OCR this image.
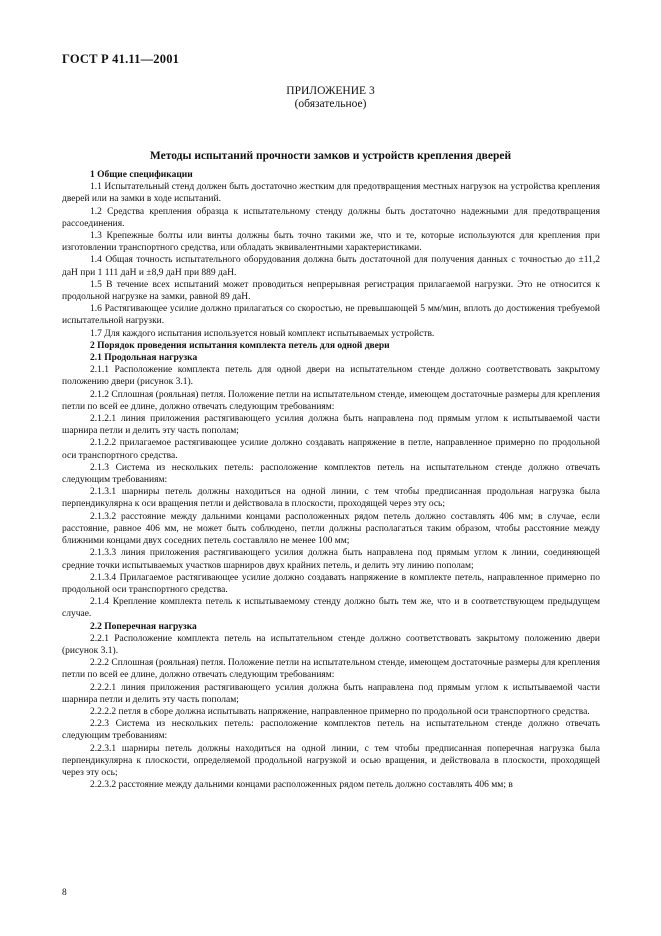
ГОСТ Р 41.11—2001
ПРИЛОЖЕНИЕ 3
(обязательное)
Методы испытаний прочности замков и устройств крепления дверей

1 Общие спецификации

1.1 Испытательный стенд должен быть достаточно жестким для предотвращения местных нагрузок на устройства крепления дверей или на замки в ходе испытаний.

1.2 Средства крепления образца к испытательному стенду должны быть достаточно надежными для предотвращения рассоединения.

1.3 Крепежные болты или винты должны быть точно такими же, что и те, которые используются для крепления при изготовлении транспортного средства, или обладать эквивалентными характеристиками.

1.4 Общая точность испытательного оборудования должна быть достаточной для получения данных с точностью до ±11,2 даН при 1 111 даН и ±8,9 даН при 889 даН.

1.5 В течение всех испытаний может проводиться непрерывная регистрация прилагаемой нагрузки. Это не относится к продольной нагрузке на замки, равной 89 даН.

1.6 Растягивающее усилие должно прилагаться со скоростью, не превышающей 5 мм/мин, вплоть до достижения требуемой испытательной нагрузки.

1.7 Для каждого испытания используется новый комплект испытываемых устройств.

2 Порядок проведения испытания комплекта петель для одной двери

2.1 Продольная нагрузка

2.1.1 Расположение комплекта петель для одной двери на испытательном стенде должно соответствовать закрытому положению двери (рисунок 3.1).

2.1.2 Сплошная (рояльная) петля. Положение петли на испытательном стенде, имеющем достаточные размеры для крепления петли по всей ее длине, должно отвечать следующим требованиям:

2.1.2.1 линия приложения растягивающего усилия должна быть направлена под прямым углом к испытываемой части шарнира петли и делить эту часть пополам;

2.1.2.2 прилагаемое растягивающее усилие должно создавать напряжение в петле, направленное примерно по продольной оси транспортного средства.

2.1.3 Система из нескольких петель: расположение комплектов петель на испытательном стенде должно отвечать следующим требованиям:

2.1.3.1 шарниры петель должны находиться на одной линии, с тем чтобы предписанная продольная нагрузка была перпендикулярна к оси вращения петли и действовала в плоскости, проходящей через эту ось;

2.1.3.2 расстояние между дальними концами расположенных рядом петель должно составлять 406 мм; в случае, если расстояние, равное 406 мм, не может быть соблюдено, петли должны располагаться таким образом, чтобы расстояние между ближними концами двух соседних петель составляло не менее 100 мм;

2.1.3.3 линия приложения растягивающего усилия должна быть направлена под прямым углом к линии, соединяющей средние точки испытываемых участков шарниров двух крайних петель, и делить эту линию пополам;

2.1.3.4 Прилагаемое растягивающее усилие должно создавать напряжение в комплекте петель, направленное примерно по продольной оси транспортного средства.

2.1.4 Крепление комплекта петель к испытываемому стенду должно быть тем же, что и в соответствующем предыдущем случае.

2.2 Поперечная нагрузка

2.2.1 Расположение комплекта петель на испытательном стенде должно соответствовать закрытому положению двери (рисунок 3.1).

2.2.2 Сплошная (рояльная) петля. Положение петли на испытательном стенде, имеющем достаточные размеры для крепления петли по всей ее длине, должно отвечать следующим требованиям:

2.2.2.1 линия приложения растягивающего усилия должна быть направлена под прямым углом к испытываемой части шарнира петли и делить эту часть пополам;

2.2.2.2 петля в сборе должна испытывать напряжение, направленное примерно по продольной оси транспортного средства.

2.2.3 Система из нескольких петель: расположение комплектов петель на испытательном стенде должно отвечать следующим требованиям:

2.2.3.1 шарниры петель должны находиться на одной линии, с тем чтобы предписанная поперечная нагрузка была перпендикулярна к плоскости, определяемой продольной нагрузкой и осью вращения, и действовала в плоскости, проходящей через эту ось;

2.2.3.2 расстояние между дальними концами расположенных рядом петель должно составлять 406 мм; в

8
